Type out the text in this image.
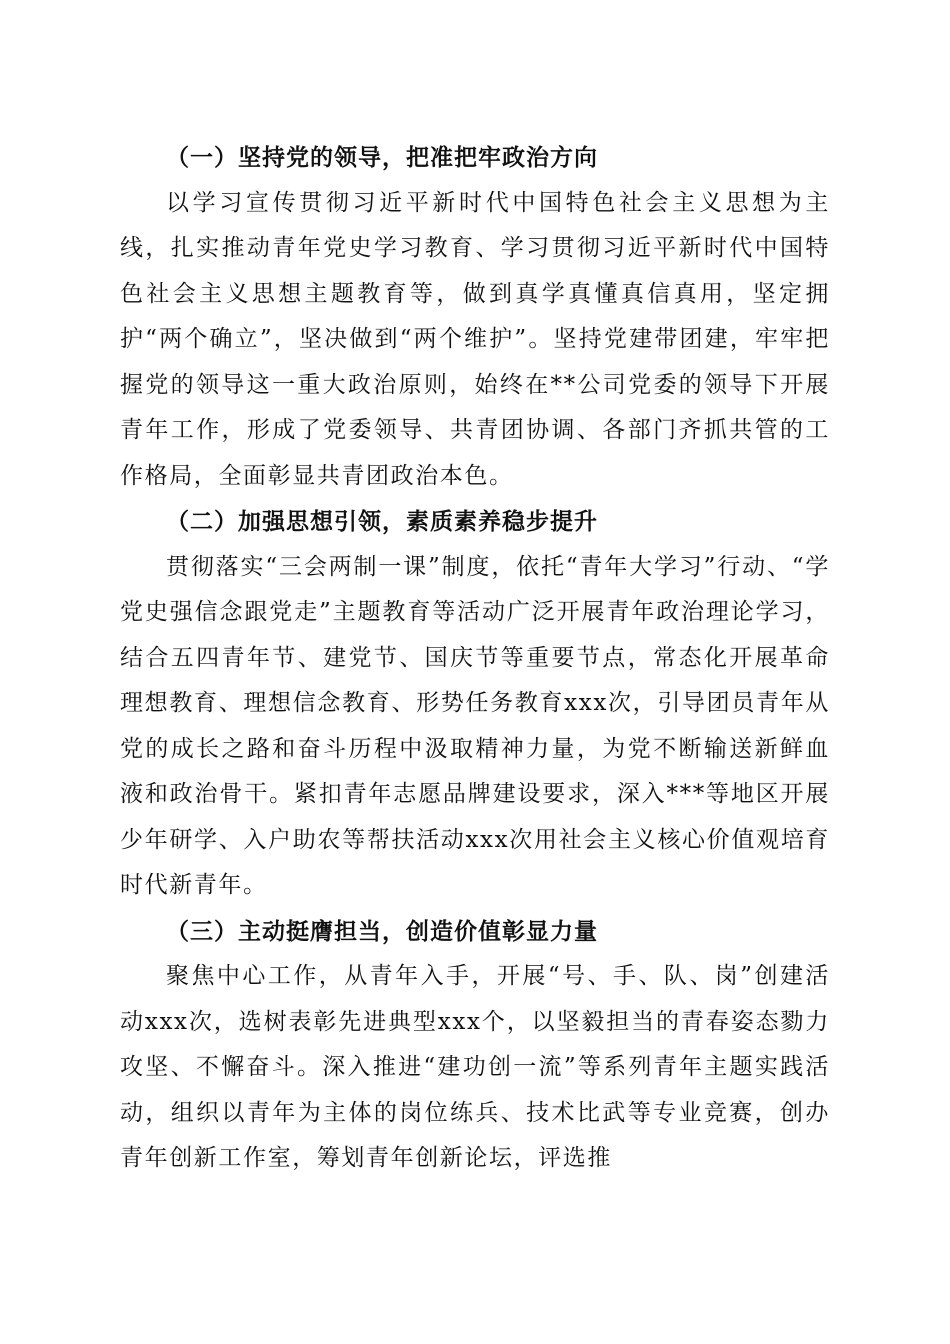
（一）坚持党的领导，把准把牢政治方向

以学习宣传贯彻习近平新时代中国特色社会主义思想为主线，扎实推动青年党史学习教育、学习贯彻习近平新时代中国特色社会主义思想主题教育等，做到真学真懂真信真用，坚定拥护“两个确立”，坚决做到“两个维护”。坚持党建带团建，牢牢把握党的领导这一重大政治原则，始终在**公司党委的领导下开展青年工作，形成了党委领导、共青团协调、各部门齐抓共管的工作格局，全面彰显共青团政治本色。

（二）加强思想引领，素质素养稳步提升

贯彻落实“三会两制一课”制度，依托“青年大学习”行动、“学党史强信念跟党走”主题教育等活动广泛开展青年政治理论学习，结合五四青年节、建党节、国庆节等重要节点，常态化开展革命理想教育、理想信念教育、形势任务教育xxx次，引导团员青年从党的成长之路和奋斗历程中汲取精神力量，为党不断输送新鲜血液和政治骨干。紧扣青年志愿品牌建设要求，深入***等地区开展少年研学、入户助农等帮扶活动xxx次用社会主义核心价值观培育时代新青年。

（三）主动挺膺担当，创造价值彰显力量

聚焦中心工作，从青年入手，开展“号、手、队、岗”创建活动xxx次，选树表彰先进典型xxx个，以坚毅担当的青春姿态勠力攻坚、不懈奋斗。深入推进“建功创一流”等系列青年主题实践活动，组织以青年为主体的岗位练兵、技术比武等专业竞赛，创办青年创新工作室，筹划青年创新论坛，评选推
